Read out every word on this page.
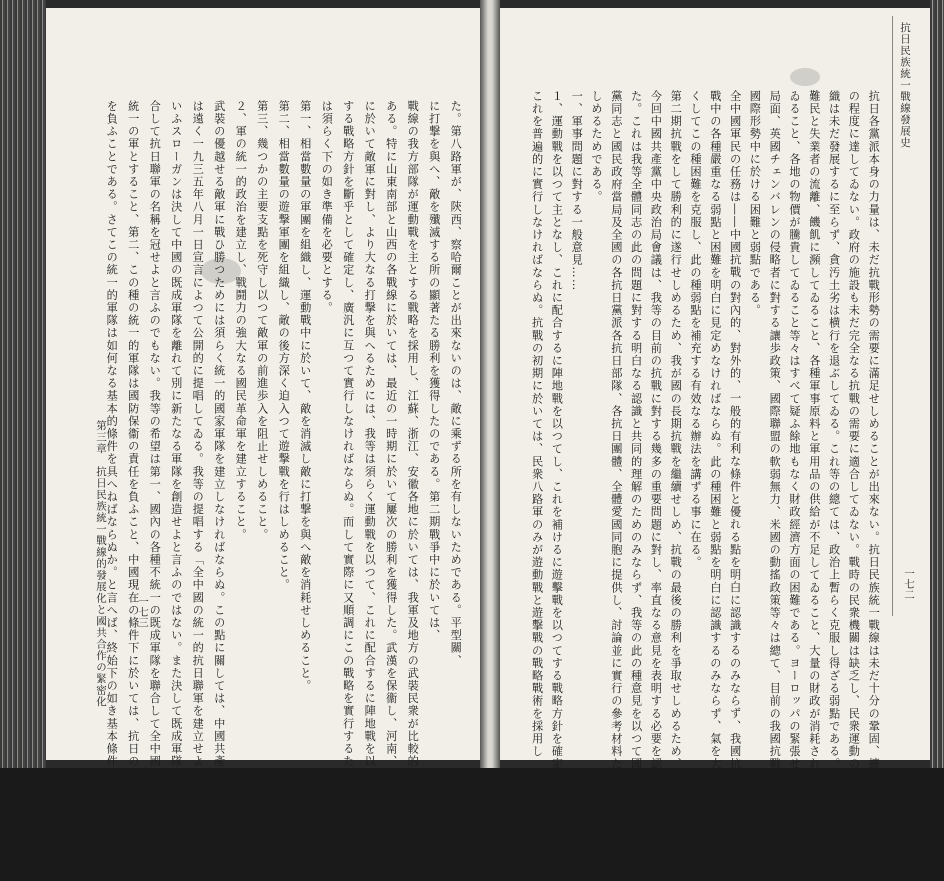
一七三
第三章　抗日民族統一戰線的發展化と國共合作の緊密化	た。第八路軍が、陝西、察哈爾ことが出來ないのは、敵に乘ずる所を有しないためである。平型關、
に打撃を與へ、敵を殲滅する所の顯著たる勝利を獲得したのである。第二期戰爭中に於いては、
戰線の我方部隊が運動戰を主とする戰略を採用し、江蘇、浙江、安徽各地に於いては、我軍及地方の武裝民衆が比較的廣汎
ある。特に山東南部と山西の各戰線に於いては、最近の一時期に於いて屢次の勝利を獲得した。武漢を保衞し、河南、山西、山東の各戰線
に於いて敵軍に對し、より大なる打撃を與へるためには、我等は須らく運動戰を以つて、これに配合するに陣地戰を以つて
する戰略方針を斷乎として確定し、廣汎に互つて實行しなければならぬ。而して實際に又順調にこの戰略を實行するために
は須らく下の如き準備を必要とする。
第一、相當數量の軍團を組織し、運動戰中に於いて、敵を消滅し敵に打撃を與へ敵を消耗せしめること。
第二、相當數量の遊撃軍團を組織し、敵の後方深く迫入つて遊撃戰を行はしめること。
第三、幾つかの主要支點を死守し以つて敵軍の前進歩入を阻止せしめること。
２、軍の統一的政治を建立し、戰鬪力の強大なる國民革命軍を建立すること。
武裝の優越せる敵軍に戰ひ勝つためには須らく統一的國家軍隊を建立しなければならぬ。この點に關しては、中國共產黨
は遠く一九三五年八月一日宣言によつて公開的に提唱してゐる。我等の提唱する「全中國の統一的抗日聯軍を建立せよ」と
いふスローガンは決して中國の既成軍隊を離れて別に新たなる軍隊を創造せよと言ふのではない。また決して既成軍隊を聯
合して抗日聯軍の名稱を冠せよと言ふのでもない。我等の希望は第一、國內の各種不統一の既成軍隊を聯合して全中國
統一の軍とすること、第二、この種の統一的軍隊は國防保衞の責任を負ふこと、中國現在の條件下に於いては、抗日の責任
を負ふことである。さてこの統一的軍隊は如何なる基本的條件を具へねばならぬか。と言へば、終始下の如き基本條件を具ふ
抗日民族統一戰線發展史
一七二
抗日各黨派本身の力量は、未だ抗戰形勢の需要に滿足せしめることが出來ない。抗日民族統一戰線は未だ十分の鞏固、擴大
の程度に達してゐない。政府の施設も未だ完全なる抗戰の需要に適合してゐない。戰時の民衆機關は缺乏し、民衆運動の組
織は未だ發展するに至らず、貪汚土劣は横行を退ぶしてゐる。これ等の總ては、政治上暫らく克服し得ざる弱點である。大量
難民と失業者の流離、饑飢に瀕してゐること、各種軍事原料と軍用品の供給が不足してゐること、大量の財政が消耗されて
ゐること、各地の物價が騰貴してゐること等々はすべて疑ふ餘地もなく財政經濟方面の困難である。ヨーロッパの緊張せる
局面、英國チェンバレンの侵略者に對する讓歩政策、國際聯盟の軟弱無力、米國の動搖政策等々は總て、目前の我國抗戰の
國際形勢中に於ける困難と弱點である。
全中國軍民の任務は――中國抗戰の對內的、對外的、一般的有利な條件と優れる點を明白に認識するのみならず、我國抗
戰中の各種嚴重なる弱點と困難を明白に見定めなければならぬ。此の種困難と弱點を明白に認識するのみならず、氣を大き
くしてこの種困難を克服し、此の種弱點を補充する有效なる辦法を講ずる事に在る。
第二期抗戰をして勝利的に遂行せしめるため、我が國の長期抗戰を繼續せしめ、抗戰の最後の勝利を爭取せしめるため、
今回中國共產黨中央政治局會議は、我等の目前の抗戰に對する幾多の重要問題に對し、率直なる意見を表明する必要を認め
た。これは我等全體同志の此の問題に對する明白なる認識と共同的理解のためのみならず、我等の此の種意見を以つて國民
黨同志と國民政府當局及全國の各抗日黨派各抗日部隊、各抗日團體、全體愛國同胞に提供し、討論並に實行の參考材料たら
しめるためである。
一、軍事問題に對する一般意見……
１、運動戰を以つて主となし、これに配合するに陣地戰を以つてし、これを補けるに遊擊戰を以つてする戰略方針を確定し
これを普遍的に實行しなければならぬ。抗戰の初期に於いては、民衆八路軍のみが遊動戰と遊擊戰の戰略戰術を採用し
